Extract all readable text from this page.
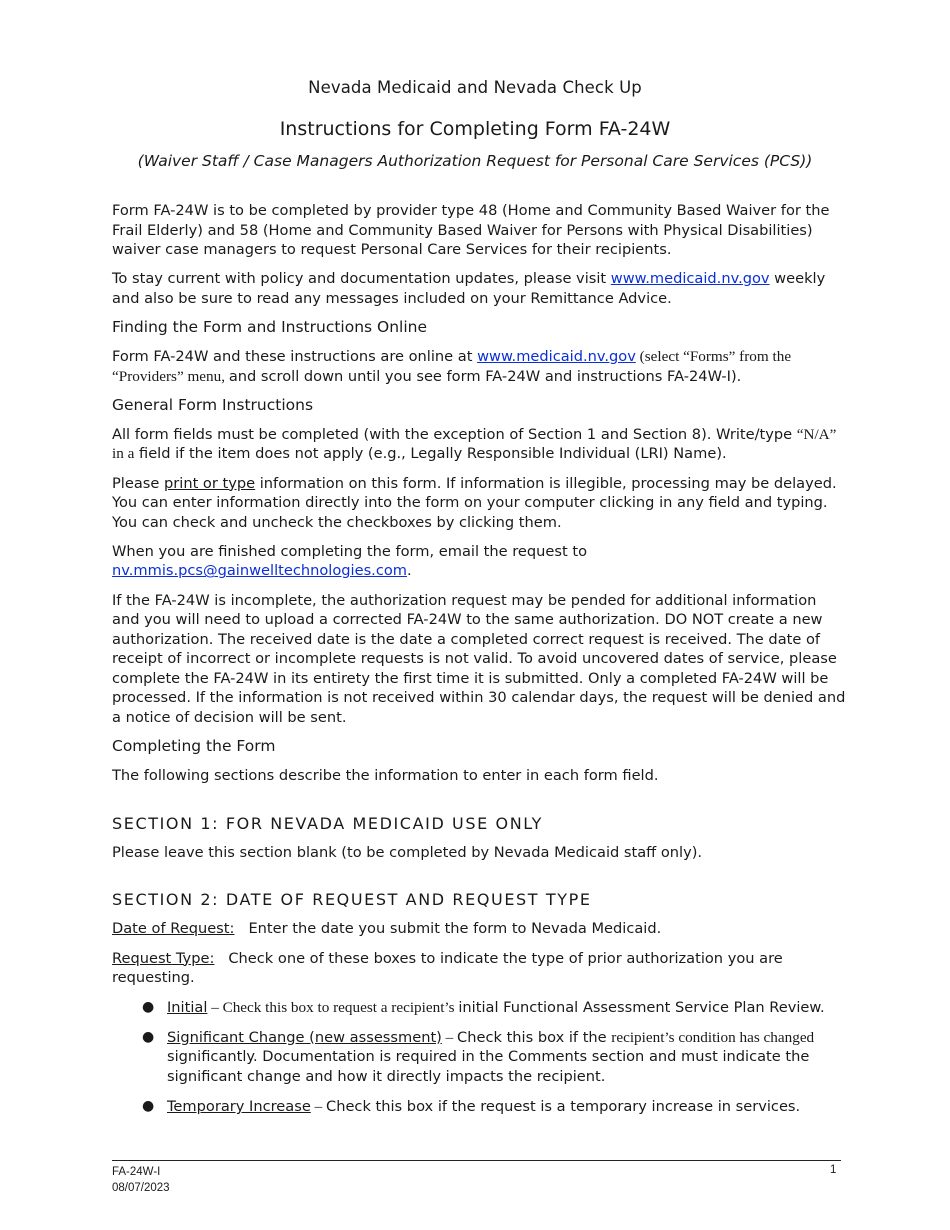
Nevada Medicaid and Nevada Check Up
Instructions for Completing Form FA-24W
(Waiver Staff / Case Managers Authorization Request for Personal Care Services (PCS))

Form FA-24W is to be completed by provider type 48 (Home and Community Based Waiver for the Frail Elderly) and 58 (Home and Community Based Waiver for Persons with Physical Disabilities) waiver case managers to request Personal Care Services for their recipients.

To stay current with policy and documentation updates, please visit www.medicaid.nv.gov weekly and also be sure to read any messages included on your Remittance Advice.

Finding the Form and Instructions Online

Form FA-24W and these instructions are online at www.medicaid.nv.gov (select “Forms” from the “Providers” menu, and scroll down until you see form FA-24W and instructions FA-24W-I).

General Form Instructions

All form fields must be completed (with the exception of Section 1 and Section 8). Write/type “N/A” in a field if the item does not apply (e.g., Legally Responsible Individual (LRI) Name).

Please print or type information on this form. If information is illegible, processing may be delayed. You can enter information directly into the form on your computer clicking in any field and typing. You can check and uncheck the checkboxes by clicking them.

When you are finished completing the form, email the request to nv.mmis.pcs@gainwelltechnologies.com.

If the FA-24W is incomplete, the authorization request may be pended for additional information and you will need to upload a corrected FA-24W to the same authorization. DO NOT create a new authorization. The received date is the date a completed correct request is received. The date of receipt of incorrect or incomplete requests is not valid. To avoid uncovered dates of service, please complete the FA-24W in its entirety the first time it is submitted. Only a completed FA-24W will be processed. If the information is not received within 30 calendar days, the request will be denied and a notice of decision will be sent.

Completing the Form

The following sections describe the information to enter in each form field.

SECTION 1: FOR NEVADA MEDICAID USE ONLY

Please leave this section blank (to be completed by Nevada Medicaid staff only).

SECTION 2: DATE OF REQUEST AND REQUEST TYPE

Date of Request: Enter the date you submit the form to Nevada Medicaid.

Request Type: Check one of these boxes to indicate the type of prior authorization you are requesting.

● Initial – Check this box to request a recipient’s initial Functional Assessment Service Plan Review.
● Significant Change (new assessment) – Check this box if the recipient’s condition has changed significantly. Documentation is required in the Comments section and must indicate the significant change and how it directly impacts the recipient.
● Temporary Increase – Check this box if the request is a temporary increase in services.
FA-24W-I
08/07/2023
1
